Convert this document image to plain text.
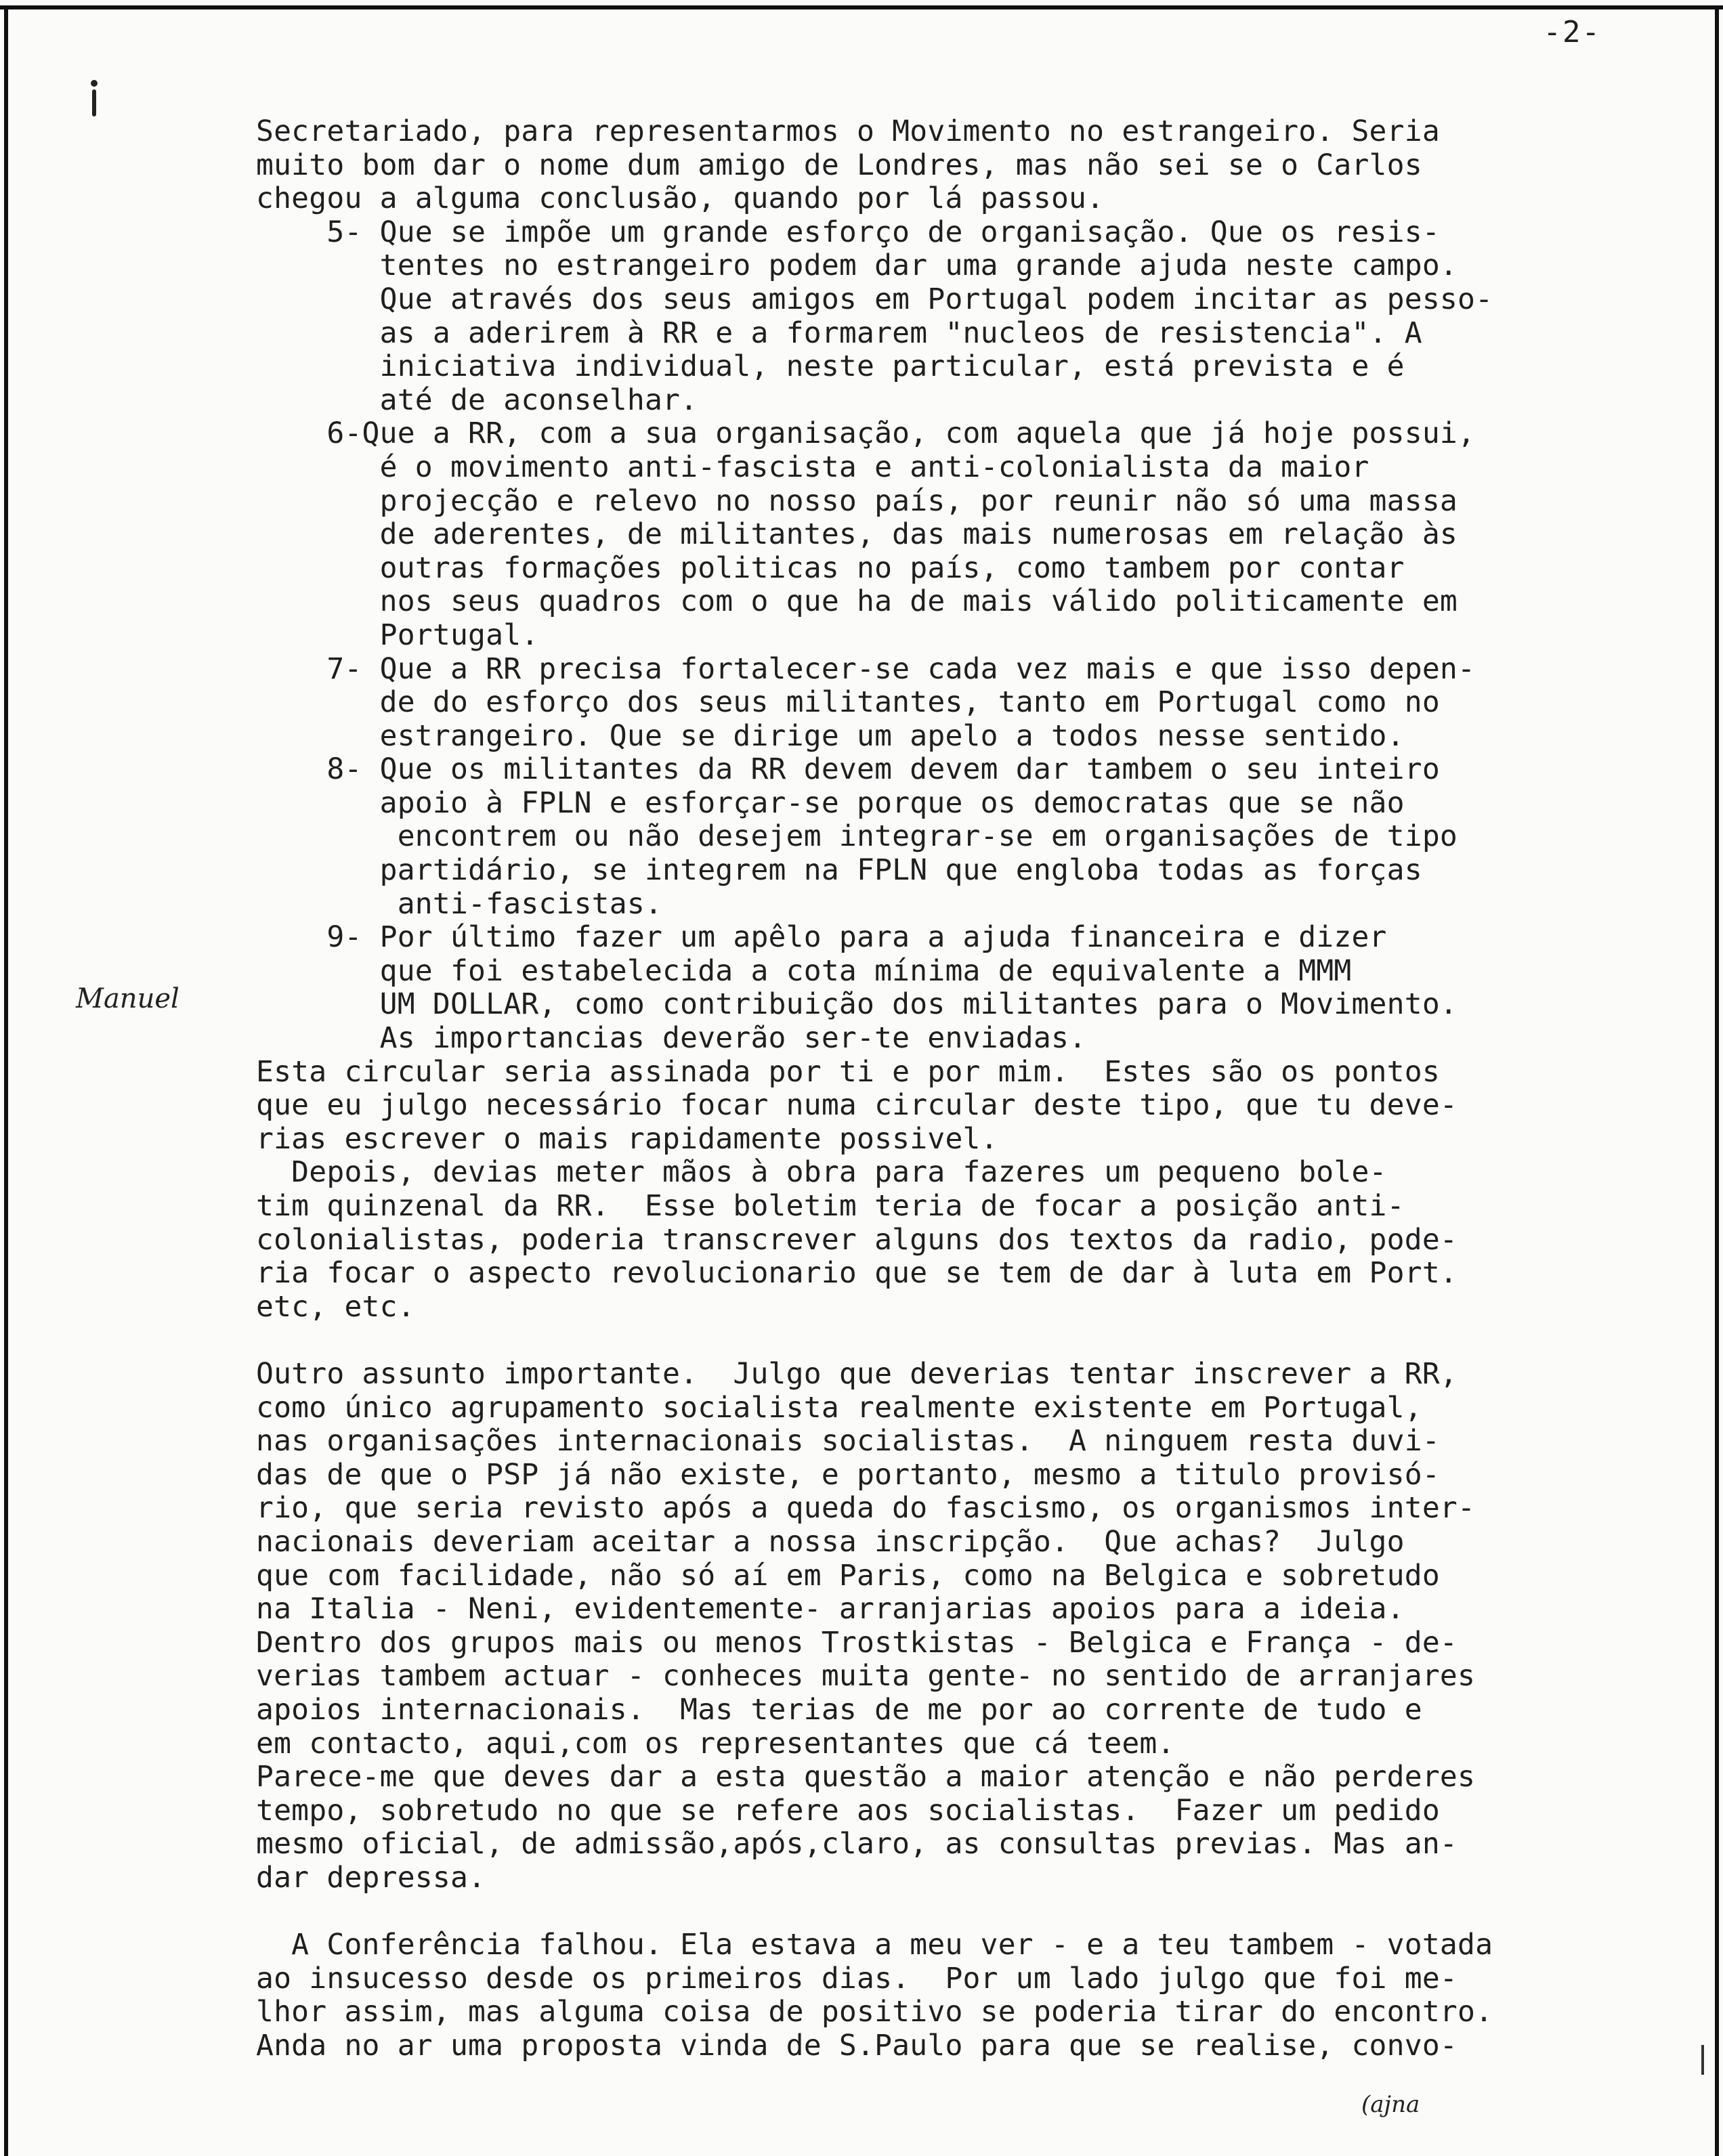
-2-
Manuel
Secretariado, para representarmos o Movimento no estrangeiro. Seria
muito bom dar o nome dum amigo de Londres, mas não sei se o Carlos
chegou a alguma conclusão, quando por lá passou.
5- Que se impõe um grande esforço de organisação. Que os resis-
tentes no estrangeiro podem dar uma grande ajuda neste campo.
Que através dos seus amigos em Portugal podem incitar as pesso-
as a aderirem à RR e a formarem "nucleos de resistencia". A
iniciativa individual, neste particular, está prevista e é
até de aconselhar.
6-Que a RR, com a sua organisação, com aquela que já hoje possui,
é o movimento anti-fascista e anti-colonialista da maior
projecção e relevo no nosso país, por reunir não só uma massa
de aderentes, de militantes, das mais numerosas em relação às
outras formações politicas no país, como tambem por contar
nos seus quadros com o que ha de mais válido politicamente em
Portugal.
7- Que a RR precisa fortalecer-se cada vez mais e que isso depen-
de do esforço dos seus militantes, tanto em Portugal como no
estrangeiro. Que se dirige um apelo a todos nesse sentido.
8- Que os militantes da RR devem devem dar tambem o seu inteiro
apoio à FPLN e esforçar-se porque os democratas que se não
encontrem ou não desejem integrar-se em organisações de tipo
partidário, se integrem na FPLN que engloba todas as forças
anti-fascistas.
9- Por último fazer um apêlo para a ajuda financeira e dizer
que foi estabelecida a cota mínima de equivalente a MMM
UM DOLLAR, como contribuição dos militantes para o Movimento.
As importancias deverão ser-te enviadas.
Esta circular seria assinada por ti e por mim.  Estes são os pontos
que eu julgo necessário focar numa circular deste tipo, que tu deve-
rias escrever o mais rapidamente possivel.
Depois, devias meter mãos à obra para fazeres um pequeno bole-
tim quinzenal da RR.  Esse boletim teria de focar a posição anti-
colonialistas, poderia transcrever alguns dos textos da radio, pode-
ria focar o aspecto revolucionario que se tem de dar à luta em Port.
etc, etc.
Outro assunto importante.  Julgo que deverias tentar inscrever a RR,
como único agrupamento socialista realmente existente em Portugal,
nas organisações internacionais socialistas.  A ninguem resta duvi-
das de que o PSP já não existe, e portanto, mesmo a titulo provisó-
rio, que seria revisto após a queda do fascismo, os organismos inter-
nacionais deveriam aceitar a nossa inscripção.  Que achas?  Julgo
que com facilidade, não só aí em Paris, como na Belgica e sobretudo
na Italia - Neni, evidentemente- arranjarias apoios para a ideia.
Dentro dos grupos mais ou menos Trostkistas - Belgica e França - de-
verias tambem actuar - conheces muita gente- no sentido de arranjares
apoios internacionais.  Mas terias de me por ao corrente de tudo e
em contacto, aqui,com os representantes que cá teem.
Parece-me que deves dar a esta questão a maior atenção e não perderes
tempo, sobretudo no que se refere aos socialistas.  Fazer um pedido
mesmo oficial, de admissão,após,claro, as consultas previas. Mas an-
dar depressa.
A Conferência falhou. Ela estava a meu ver - e a teu tambem - votada
ao insucesso desde os primeiros dias.  Por um lado julgo que foi me-
lhor assim, mas alguma coisa de positivo se poderia tirar do encontro.
Anda no ar uma proposta vinda de S.Paulo para que se realise, convo-
(ajna
